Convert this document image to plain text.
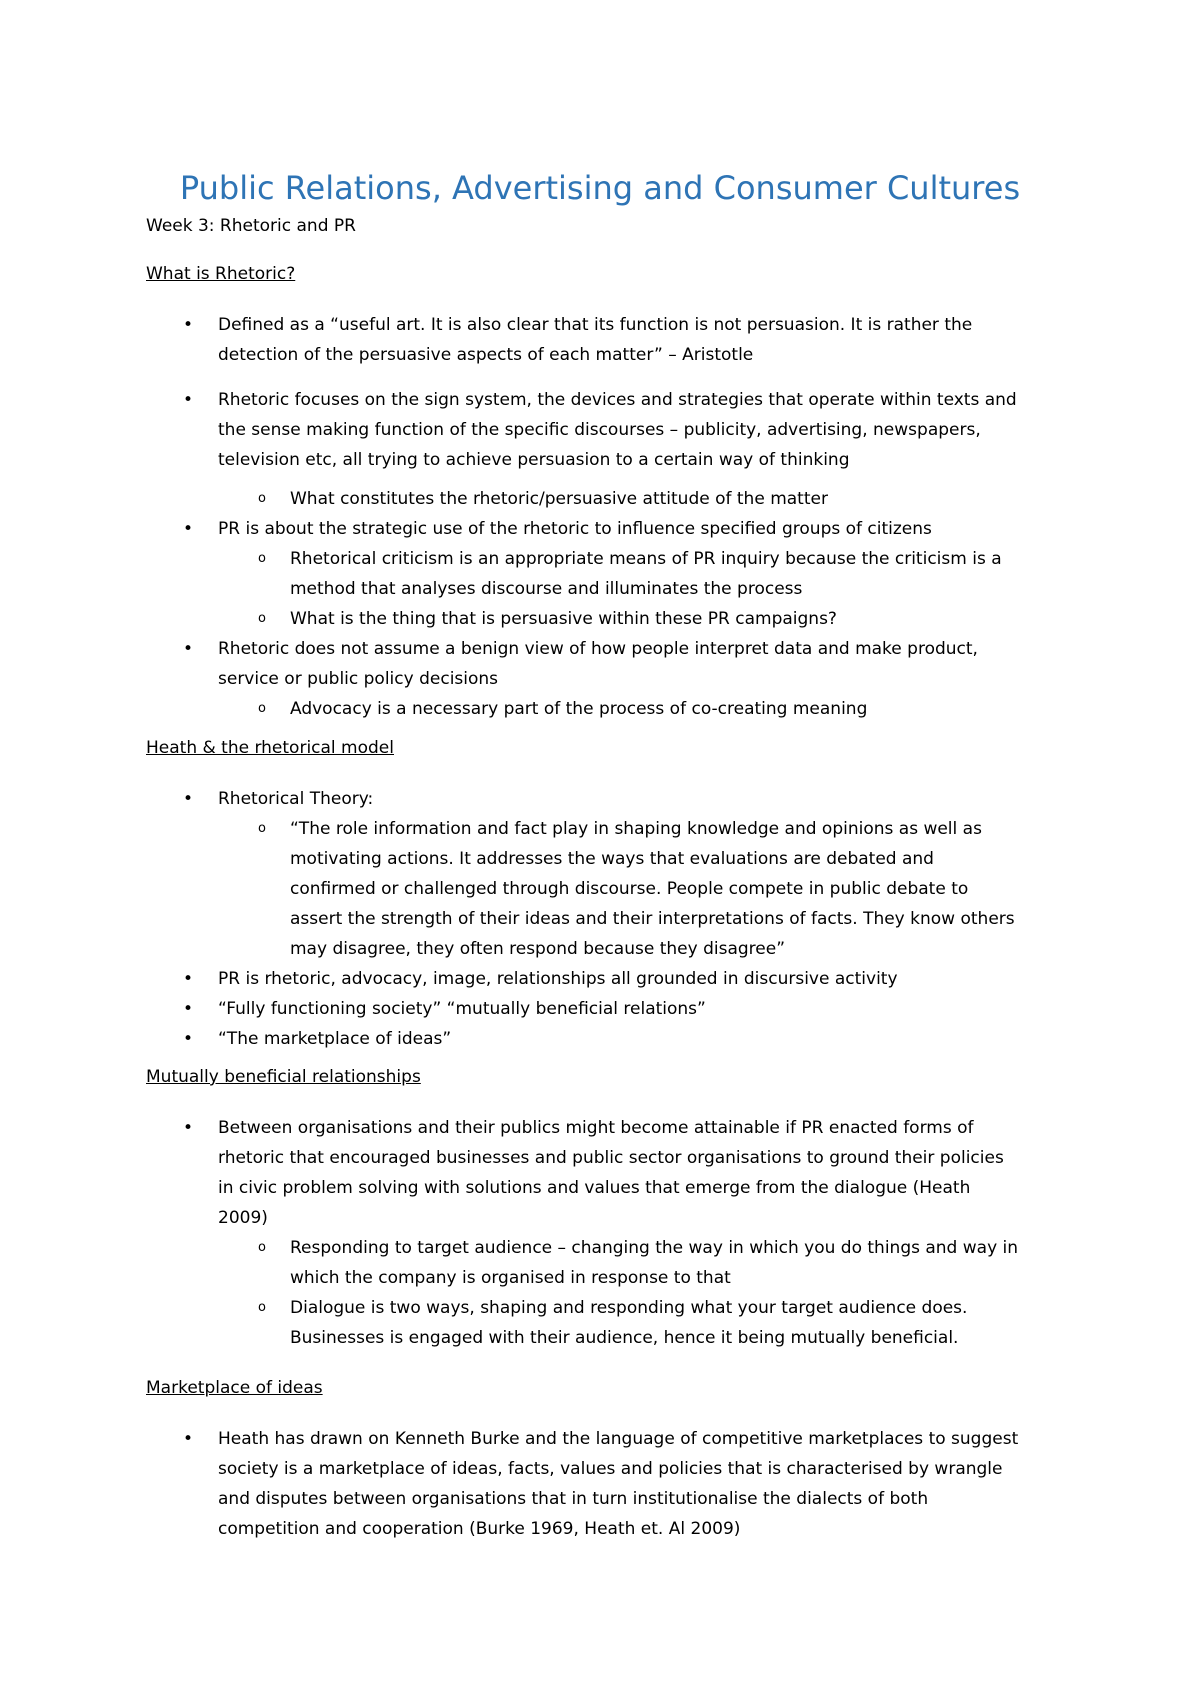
Public Relations, Advertising and Consumer Cultures
Week 3: Rhetoric and PR
What is Rhetoric?
• Defined as a “useful art. It is also clear that its function is not persuasion. It is rather the
detection of the persuasive aspects of each matter” – Aristotle
• Rhetoric focuses on the sign system, the devices and strategies that operate within texts and
the sense making function of the specific discourses – publicity, advertising, newspapers,
television etc, all trying to achieve persuasion to a certain way of thinking
o What constitutes the rhetoric/persuasive attitude of the matter
• PR is about the strategic use of the rhetoric to influence specified groups of citizens
o Rhetorical criticism is an appropriate means of PR inquiry because the criticism is a
method that analyses discourse and illuminates the process
o What is the thing that is persuasive within these PR campaigns?
• Rhetoric does not assume a benign view of how people interpret data and make product,
service or public policy decisions
o Advocacy is a necessary part of the process of co-creating meaning
Heath & the rhetorical model
• Rhetorical Theory:
o “The role information and fact play in shaping knowledge and opinions as well as
motivating actions. It addresses the ways that evaluations are debated and
confirmed or challenged through discourse. People compete in public debate to
assert the strength of their ideas and their interpretations of facts. They know others
may disagree, they often respond because they disagree”
• PR is rhetoric, advocacy, image, relationships all grounded in discursive activity
• “Fully functioning society” “mutually beneficial relations”
• “The marketplace of ideas”
Mutually beneficial relationships
• Between organisations and their publics might become attainable if PR enacted forms of
rhetoric that encouraged businesses and public sector organisations to ground their policies
in civic problem solving with solutions and values that emerge from the dialogue (Heath
2009)
o Responding to target audience – changing the way in which you do things and way in
which the company is organised in response to that
o Dialogue is two ways, shaping and responding what your target audience does.
Businesses is engaged with their audience, hence it being mutually beneficial.
Marketplace of ideas
• Heath has drawn on Kenneth Burke and the language of competitive marketplaces to suggest
society is a marketplace of ideas, facts, values and policies that is characterised by wrangle
and disputes between organisations that in turn institutionalise the dialects of both
competition and cooperation (Burke 1969, Heath et. Al 2009)
